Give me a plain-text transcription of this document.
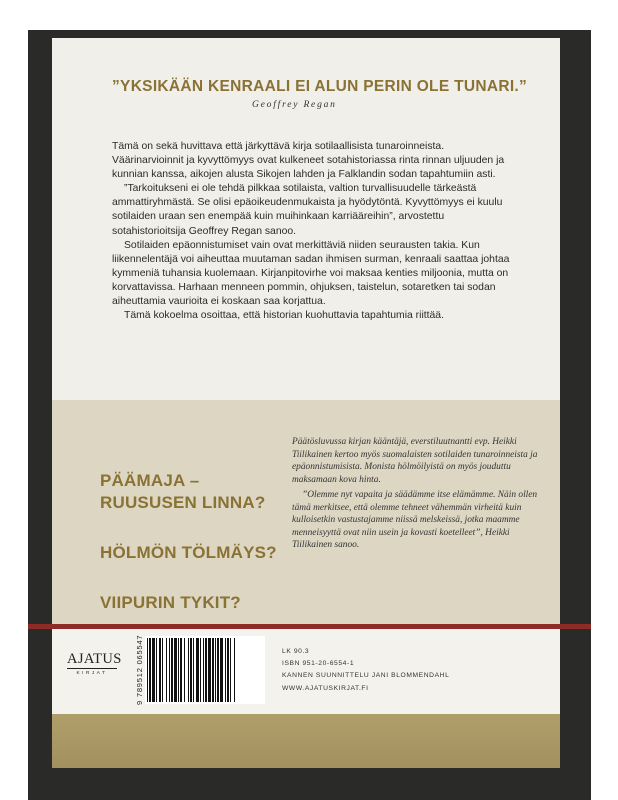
”YKSIKÄÄN KENRAALI EI ALUN PERIN OLE TUNARI.”
Geoffrey Regan

Tämä on sekä huvittava että järkyttävä kirja sotilaallisista tunaroinneista. Väärinarvioinnit ja kyvyttömyys ovat kulkeneet sotahistoriassa rinta rinnan uljuuden ja kunnian kanssa, aikojen alusta Sikojen lahden ja Falklandin sodan tapahtumiin asti.

”Tarkoitukseni ei ole tehdä pilkkaa sotilaista, valtion turvallisuudelle tärkeästä ammattiryhmästä. Se olisi epäoikeudenmukaista ja hyödytöntä. Kyvyttömyys ei kuulu sotilaiden uraan sen enempää kuin muihinkaan karriääreihin”, arvostettu sotahistorioitsija Geoffrey Regan sanoo.

Sotilaiden epäonnistumiset vain ovat merkittäviä niiden seurausten takia. Kun liikennelentäjä voi aiheuttaa muutaman sadan ihmisen surman, kenraali saattaa johtaa kymmeniä tuhansia kuolemaan. Kirjanpitovirhe voi maksaa kenties miljoonia, mutta on korvattavissa. Harhaan menneen pommin, ohjuksen, taistelun, sotaretken tai sodan aiheuttamia vaurioita ei koskaan saa korjattua.

Tämä kokoelma osoittaa, että historian kuohuttavia tapahtumia riittää.

PÄÄMAJA –
RUUSUSEN LINNA?
HÖLMÖN TÖLMÄYS?
VIIPURIN TYKIT?

Päätösluvussa kirjan kääntäjä, everstiluutnantti evp. Heikki Tiilikainen kertoo myös suomalaisten sotilaiden tunaroinneista ja epäonnistumisista. Monista hölmöilyistä on myös jouduttu maksamaan kova hinta.

”Olemme nyt vapaita ja säädämme itse elämämme. Näin ollen tämä merkitsee, että olemme tehneet vähemmän virheitä kuin kulloisetkin vastustajamme niissä melskeissä, jotka maamme menneisyyttä ovat niin usein ja kovasti koetelleet”, Heikki Tiilikainen sanoo.

AJATUS
KIRJAT	9 789512 065547	LK 90.3
ISBN 951-20-6554-1
KANNEN SUUNNITTELU JANI BLOMMENDAHL
WWW.AJATUSKIRJAT.FI
